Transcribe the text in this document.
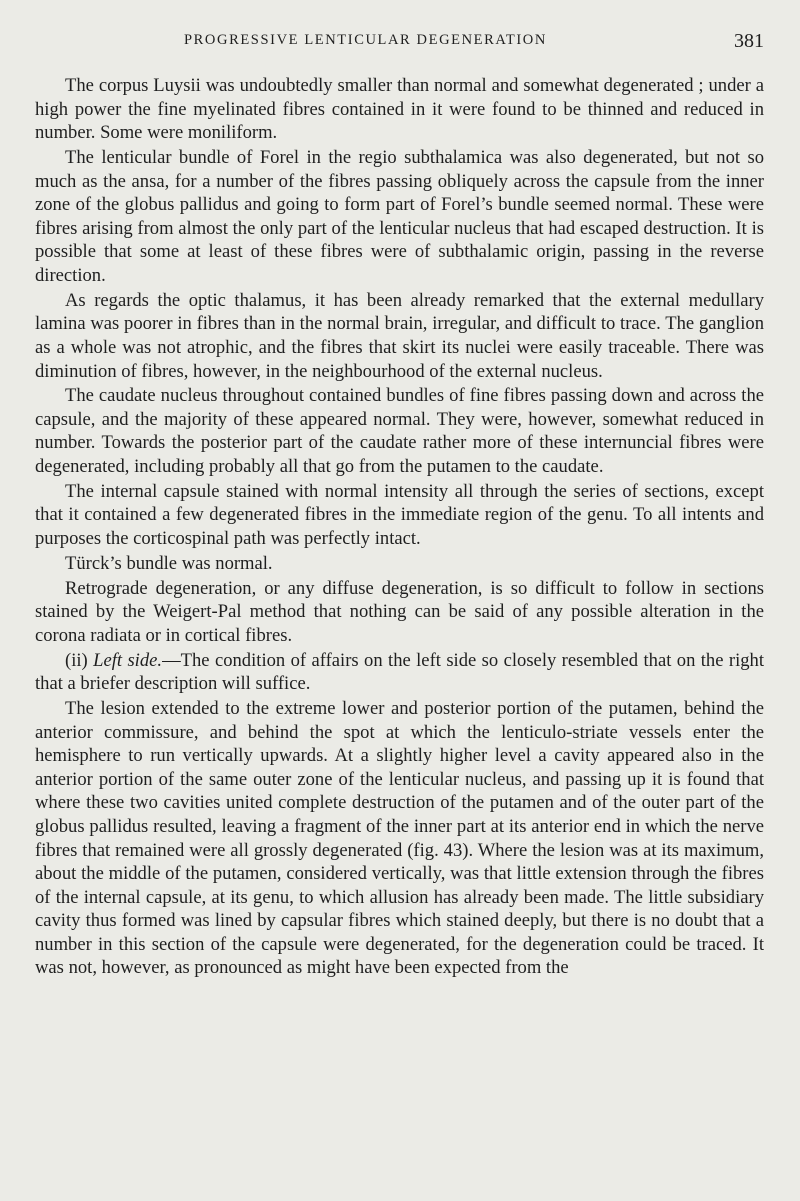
PROGRESSIVE LENTICULAR DEGENERATION	381

The corpus Luysii was undoubtedly smaller than normal and somewhat degenerated ; under a high power the fine myelinated fibres contained in it were found to be thinned and reduced in number. Some were moniliform.

The lenticular bundle of Forel in the regio subthalamica was also degenerated, but not so much as the ansa, for a number of the fibres passing obliquely across the capsule from the inner zone of the globus pallidus and going to form part of Forel’s bundle seemed normal. These were fibres arising from almost the only part of the lenticular nucleus that had escaped destruction. It is possible that some at least of these fibres were of subthalamic origin, passing in the reverse direction.

As regards the optic thalamus, it has been already remarked that the external medullary lamina was poorer in fibres than in the normal brain, irregular, and difficult to trace. The ganglion as a whole was not atrophic, and the fibres that skirt its nuclei were easily traceable. There was diminution of fibres, however, in the neighbourhood of the external nucleus.

The caudate nucleus throughout contained bundles of fine fibres passing down and across the capsule, and the majority of these appeared normal. They were, however, somewhat reduced in number. Towards the posterior part of the caudate rather more of these internuncial fibres were degenerated, including probably all that go from the putamen to the caudate.

The internal capsule stained with normal intensity all through the series of sections, except that it contained a few degenerated fibres in the immediate region of the genu. To all intents and purposes the corticospinal path was perfectly intact.

Türck’s bundle was normal.

Retrograde degeneration, or any diffuse degeneration, is so difficult to follow in sections stained by the Weigert-Pal method that nothing can be said of any possible alteration in the corona radiata or in cortical fibres.

(ii) Left side.—The condition of affairs on the left side so closely resembled that on the right that a briefer description will suffice.

The lesion extended to the extreme lower and posterior portion of the putamen, behind the anterior commissure, and behind the spot at which the lenticulo-striate vessels enter the hemisphere to run vertically upwards. At a slightly higher level a cavity appeared also in the anterior portion of the same outer zone of the lenticular nucleus, and passing up it is found that where these two cavities united complete destruction of the putamen and of the outer part of the globus pallidus resulted, leaving a fragment of the inner part at its anterior end in which the nerve fibres that remained were all grossly degenerated (fig. 43). Where the lesion was at its maximum, about the middle of the putamen, considered vertically, was that little extension through the fibres of the internal capsule, at its genu, to which allusion has already been made. The little subsidiary cavity thus formed was lined by capsular fibres which stained deeply, but there is no doubt that a number in this section of the capsule were degenerated, for the degeneration could be traced. It was not, however, as pronounced as might have been expected from the
